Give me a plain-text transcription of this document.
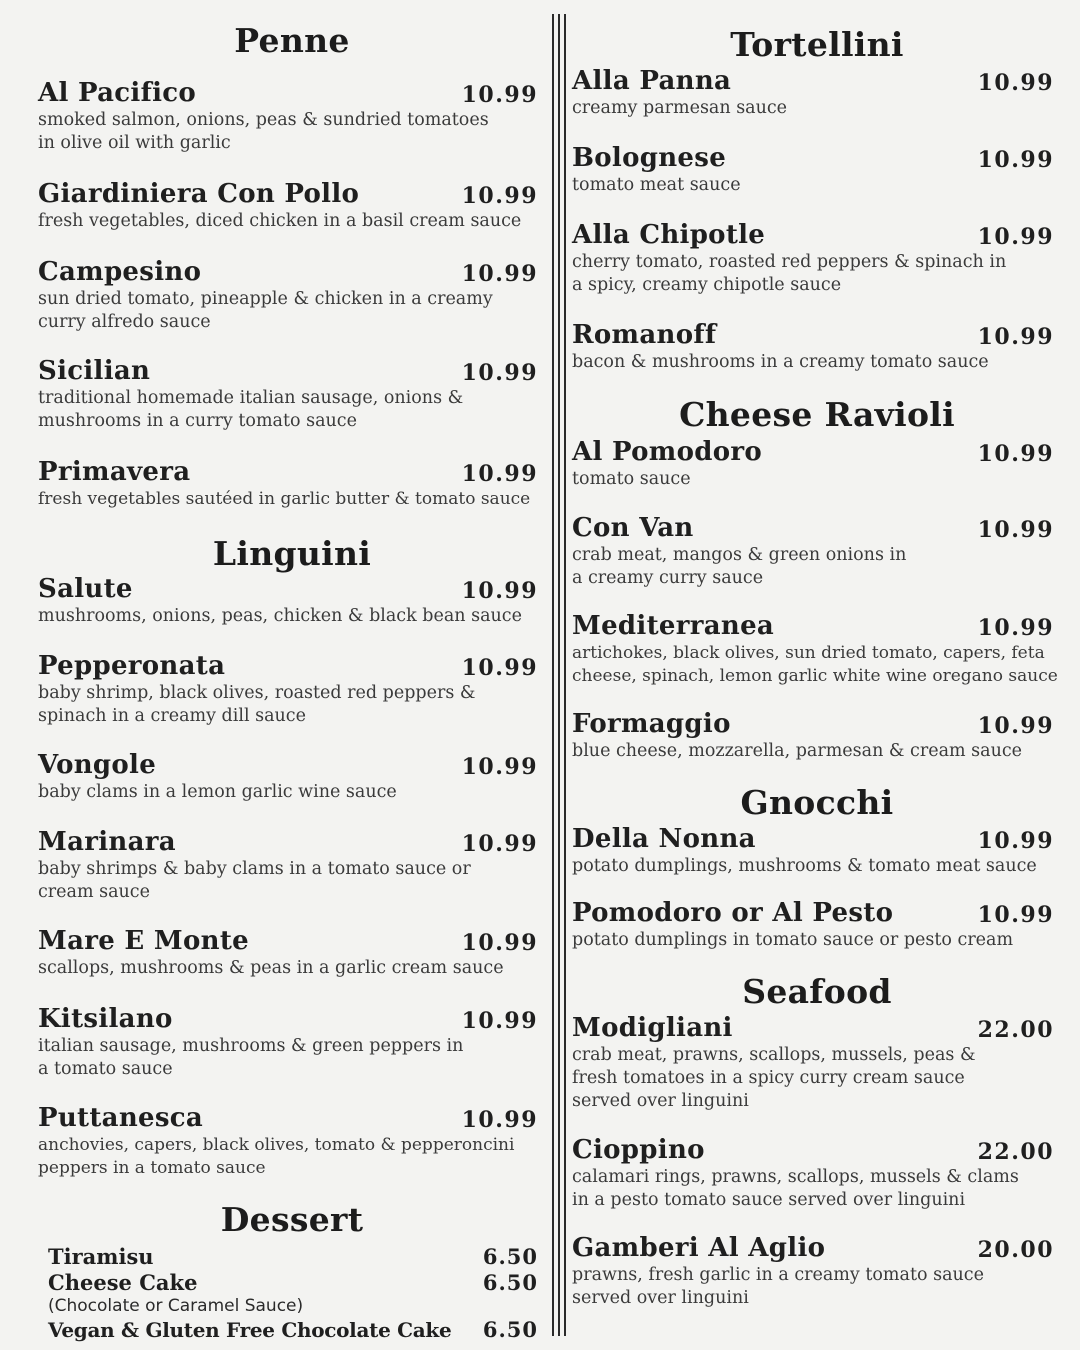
Penne
Al Pacifico	10.99
smoked salmon, onions, peas & sundried tomatoes in olive oil with garlic
Giardiniera Con Pollo	10.99
fresh vegetables, diced chicken in a basil cream sauce
Campesino	10.99
sun dried tomato, pineapple & chicken in a creamy curry alfredo sauce
Sicilian	10.99
traditional homemade italian sausage, onions & mushrooms in a curry tomato sauce
Primavera	10.99
fresh vegetables sautéed in garlic butter & tomato sauce
Linguini
Salute	10.99
mushrooms, onions, peas, chicken & black bean sauce
Pepperonata	10.99
baby shrimp, black olives, roasted red peppers & spinach in a creamy dill sauce
Vongole	10.99
baby clams in a lemon garlic wine sauce
Marinara	10.99
baby shrimps & baby clams in a tomato sauce or cream sauce
Mare E Monte	10.99
scallops, mushrooms & peas in a garlic cream sauce
Kitsilano	10.99
italian sausage, mushrooms & green peppers in a tomato sauce
Puttanesca	10.99
anchovies, capers, black olives, tomato & pepperoncini peppers in a tomato sauce
Dessert
Tiramisu	6.50
Cheese Cake	6.50
(Chocolate or Caramel Sauce)
Vegan & Gluten Free Chocolate Cake 6.50
Tortellini
Alla Panna	10.99
creamy parmesan sauce
Bolognese	10.99
tomato meat sauce
Alla Chipotle	10.99
cherry tomato, roasted red peppers & spinach in a spicy, creamy chipotle sauce
Romanoff	10.99
bacon & mushrooms in a creamy tomato sauce
Cheese Ravioli
Al Pomodoro	10.99
tomato sauce
Con Van	10.99
crab meat, mangos & green onions in a creamy curry sauce
Mediterranea	10.99
artichokes, black olives, sun dried tomato, capers, feta cheese, spinach, lemon garlic white wine oregano sauce
Formaggio	10.99
blue cheese, mozzarella, parmesan & cream sauce
Gnocchi
Della Nonna	10.99
potato dumplings, mushrooms & tomato meat sauce
Pomodoro or Al Pesto	10.99
potato dumplings in tomato sauce or pesto cream
Seafood
Modigliani	22.00
crab meat, prawns, scallops, mussels, peas & fresh tomatoes in a spicy curry cream sauce served over linguini
Cioppino	22.00
calamari rings, prawns, scallops, mussels & clams in a pesto tomato sauce served over linguini
Gamberi Al Aglio	20.00
prawns, fresh garlic in a creamy tomato sauce served over linguini
